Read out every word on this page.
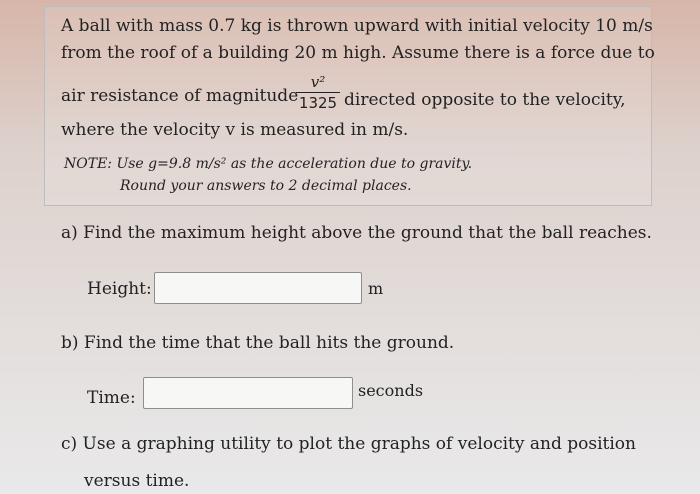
A ball with mass 0.7 kg is thrown upward with initial velocity 10 m/s
from the roof of a building 20 m high. Assume there is a force due to
air resistance of magnitude
$\frac{\text{v²}}{1325}$ directed opposite to the velocity,
where the velocity v is measured in m/s.
NOTE: Use g=9.8 m/s² as the acceleration due to gravity.
Round your answers to 2 decimal places.
a) Find the maximum height above the ground that the ball reaches.
Height:	m
b) Find the time that the ball hits the ground.
Time:	seconds
c) Use a graphing utility to plot the graphs of velocity and position
versus time.
